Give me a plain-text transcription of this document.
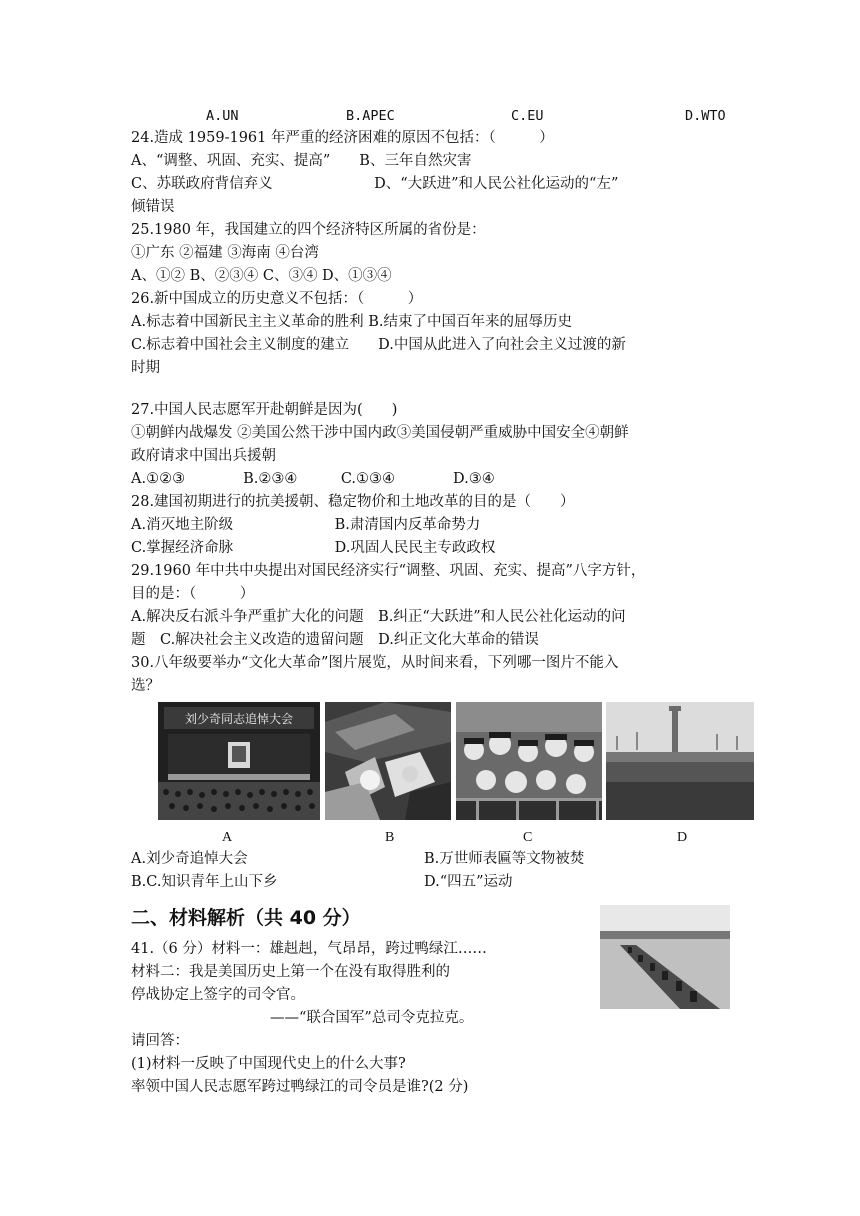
A.UN	B.APEC	C.EU	D.WTO
24.造成 1959-1961 年严重的经济困难的原因不包括：（　　　）
A、“调整、巩固、充实、提高”　　B、三年自然灾害
C、苏联政府背信弃义　　　　　　　D、“大跃进”和人民公社化运动的“左”
倾错误
25.1980 年，我国建立的四个经济特区所属的省份是：
①广东 ②福建 ③海南 ④台湾
A、①② B、②③④ C、③④ D、①③④
26.新中国成立的历史意义不包括：（　　　）
A.标志着中国新民主主义革命的胜利 B.结束了中国百年来的屈辱历史
C.标志着中国社会主义制度的建立　　D.中国从此进入了向社会主义过渡的新
时期
27.中国人民志愿军开赴朝鲜是因为(　　)
①朝鲜内战爆发 ②美国公然干涉中国内政③美国侵朝严重威胁中国安全④朝鲜
政府请求中国出兵援朝
A.①②③　　　　B.②③④　　　C.①③④　　　　D.③④
28.建国初期进行的抗美援朝、稳定物价和土地改革的目的是（　　）
A.消灭地主阶级　　　　　　　B.肃清国内反革命势力
C.掌握经济命脉　　　　　　　D.巩固人民民主专政政权
29.1960 年中共中央提出对国民经济实行“调整、巩固、充实、提高”八字方针，
目的是：（　　　）
A.解决反右派斗争严重扩大化的问题　B.纠正“大跃进”和人民公社化运动的问
题　C.解决社会主义改造的遗留问题　D.纠正文化大革命的错误
30.八年级要举办“文化大革命”图片展览，从时间来看，下列哪一图片不能入
选？
刘少奇同志追悼大会
A	B	C	D
A.刘少奇追悼大会	B.万世师表匾等文物被焚
B.C.知识青年上山下乡	D.“四五”运动
二、材料解析（共 40 分）
41.（6 分）材料一：雄赳赳，气昂昂，跨过鸭绿江……
材料二：我是美国历史上第一个在没有取得胜利的
停战协定上签字的司令官。
——“联合国军”总司令克拉克。
请回答：
(1)材料一反映了中国现代史上的什么大事?
率领中国人民志愿军跨过鸭绿江的司令员是谁?(2 分)
